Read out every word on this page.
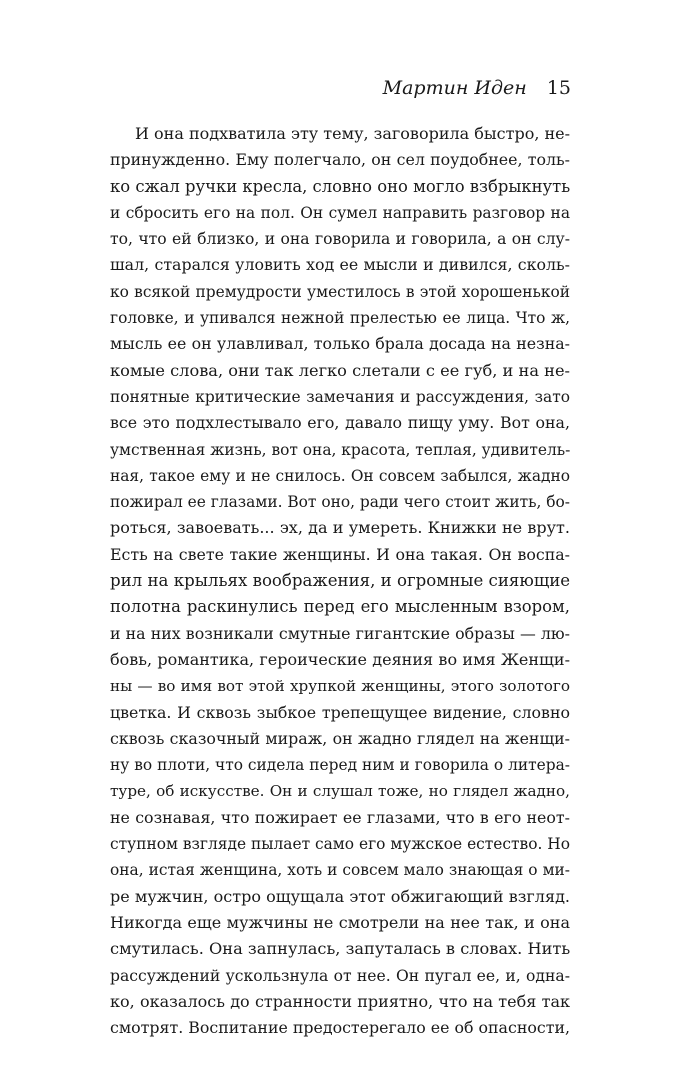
Мартин Иден 15
И она подхватила эту тему, заговорила быстро, не-
принужденно. Ему полегчало, он сел поудобнее, толь-
ко сжал ручки кресла, словно оно могло взбрыкнуть
и сбросить его на пол. Он сумел направить разговор на
то, что ей близко, и она говорила и говорила, а он слу-
шал, старался уловить ход ее мысли и дивился, сколь-
ко всякой премудрости уместилось в этой хорошенькой
головке, и упивался нежной прелестью ее лица. Что ж,
мысль ее он улавливал, только брала досада на незна-
комые слова, они так легко слетали с ее губ, и на не-
понятные критические замечания и рассуждения, зато
все это подхлестывало его, давало пищу уму. Вот она,
умственная жизнь, вот она, красота, теплая, удивитель-
ная, такое ему и не снилось. Он совсем забылся, жадно
пожирал ее глазами. Вот оно, ради чего стоит жить, бо-
роться, завоевать... эх, да и умереть. Книжки не врут.
Есть на свете такие женщины. И она такая. Он воспа-
рил на крыльях воображения, и огромные сияющие
полотна раскинулись перед его мысленным взором,
и на них возникали смутные гигантские образы — лю-
бовь, романтика, героические деяния во имя Женщи-
ны — во имя вот этой хрупкой женщины, этого золотого
цветка. И сквозь зыбкое трепещущее видение, словно
сквозь сказочный мираж, он жадно глядел на женщи-
ну во плоти, что сидела перед ним и говорила о литера-
туре, об искусстве. Он и слушал тоже, но глядел жадно,
не сознавая, что пожирает ее глазами, что в его неот-
ступном взгляде пылает само его мужское естество. Но
она, истая женщина, хоть и совсем мало знающая о ми-
ре мужчин, остро ощущала этот обжигающий взгляд.
Никогда еще мужчины не смотрели на нее так, и она
смутилась. Она запнулась, запуталась в словах. Нить
рассуждений ускользнула от нее. Он пугал ее, и, одна-
ко, оказалось до странности приятно, что на тебя так
смотрят. Воспитание предостерегало ее об опасности,
